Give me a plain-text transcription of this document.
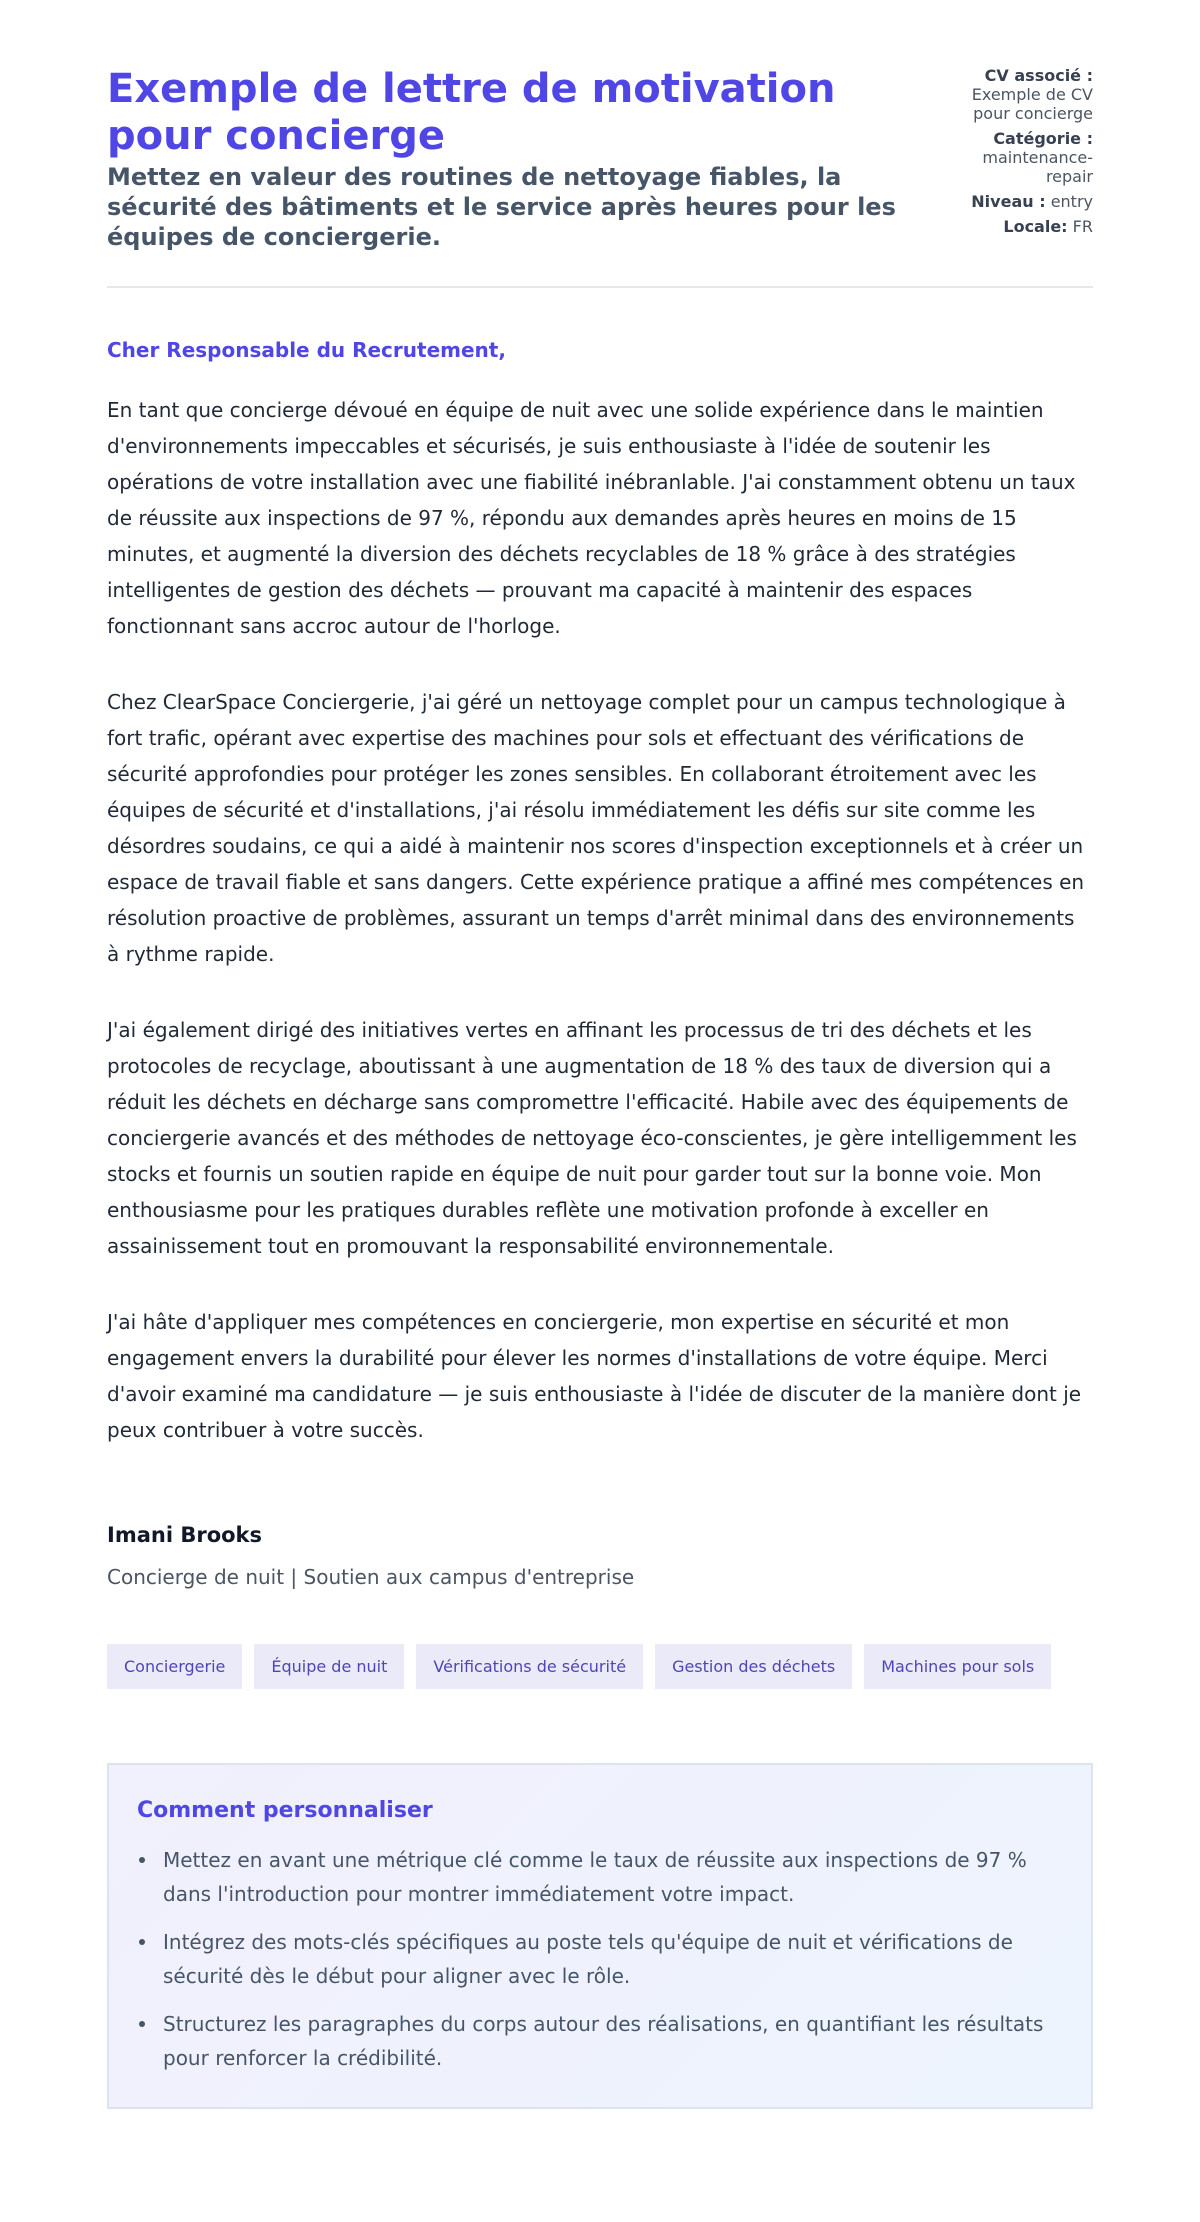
Exemple de lettre de motivation pour concierge
Mettez en valeur des routines de nettoyage fiables, la sécurité des bâtiments et le service après heures pour les équipes de conciergerie.
CV associé : Exemple de CV pour concierge
Catégorie : maintenance-repair
Niveau : entry
Locale: FR

Cher Responsable du Recrutement,

En tant que concierge dévoué en équipe de nuit avec une solide expérience dans le maintien d'environnements impeccables et sécurisés, je suis enthousiaste à l'idée de soutenir les opérations de votre installation avec une fiabilité inébranlable. J'ai constamment obtenu un taux de réussite aux inspections de 97 %, répondu aux demandes après heures en moins de 15 minutes, et augmenté la diversion des déchets recyclables de 18 % grâce à des stratégies intelligentes de gestion des déchets — prouvant ma capacité à maintenir des espaces fonctionnant sans accroc autour de l'horloge.

Chez ClearSpace Conciergerie, j'ai géré un nettoyage complet pour un campus technologique à fort trafic, opérant avec expertise des machines pour sols et effectuant des vérifications de sécurité approfondies pour protéger les zones sensibles. En collaborant étroitement avec les équipes de sécurité et d'installations, j'ai résolu immédiatement les défis sur site comme les désordres soudains, ce qui a aidé à maintenir nos scores d'inspection exceptionnels et à créer un espace de travail fiable et sans dangers. Cette expérience pratique a affiné mes compétences en résolution proactive de problèmes, assurant un temps d'arrêt minimal dans des environnements à rythme rapide.

J'ai également dirigé des initiatives vertes en affinant les processus de tri des déchets et les protocoles de recyclage, aboutissant à une augmentation de 18 % des taux de diversion qui a réduit les déchets en décharge sans compromettre l'efficacité. Habile avec des équipements de conciergerie avancés et des méthodes de nettoyage éco-conscientes, je gère intelligemment les stocks et fournis un soutien rapide en équipe de nuit pour garder tout sur la bonne voie. Mon enthousiasme pour les pratiques durables reflète une motivation profonde à exceller en assainissement tout en promouvant la responsabilité environnementale.

J'ai hâte d'appliquer mes compétences en conciergerie, mon expertise en sécurité et mon engagement envers la durabilité pour élever les normes d'installations de votre équipe. Merci d'avoir examiné ma candidature — je suis enthousiaste à l'idée de discuter de la manière dont je peux contribuer à votre succès.

Imani Brooks
Concierge de nuit | Soutien aux campus d'entreprise
Conciergerie	Équipe de nuit	Vérifications de sécurité	Gestion des déchets	Machines pour sols
Comment personnaliser
Mettez en avant une métrique clé comme le taux de réussite aux inspections de 97 % dans l'introduction pour montrer immédiatement votre impact.
Intégrez des mots-clés spécifiques au poste tels qu'équipe de nuit et vérifications de sécurité dès le début pour aligner avec le rôle.
Structurez les paragraphes du corps autour des réalisations, en quantifiant les résultats pour renforcer la crédibilité.
